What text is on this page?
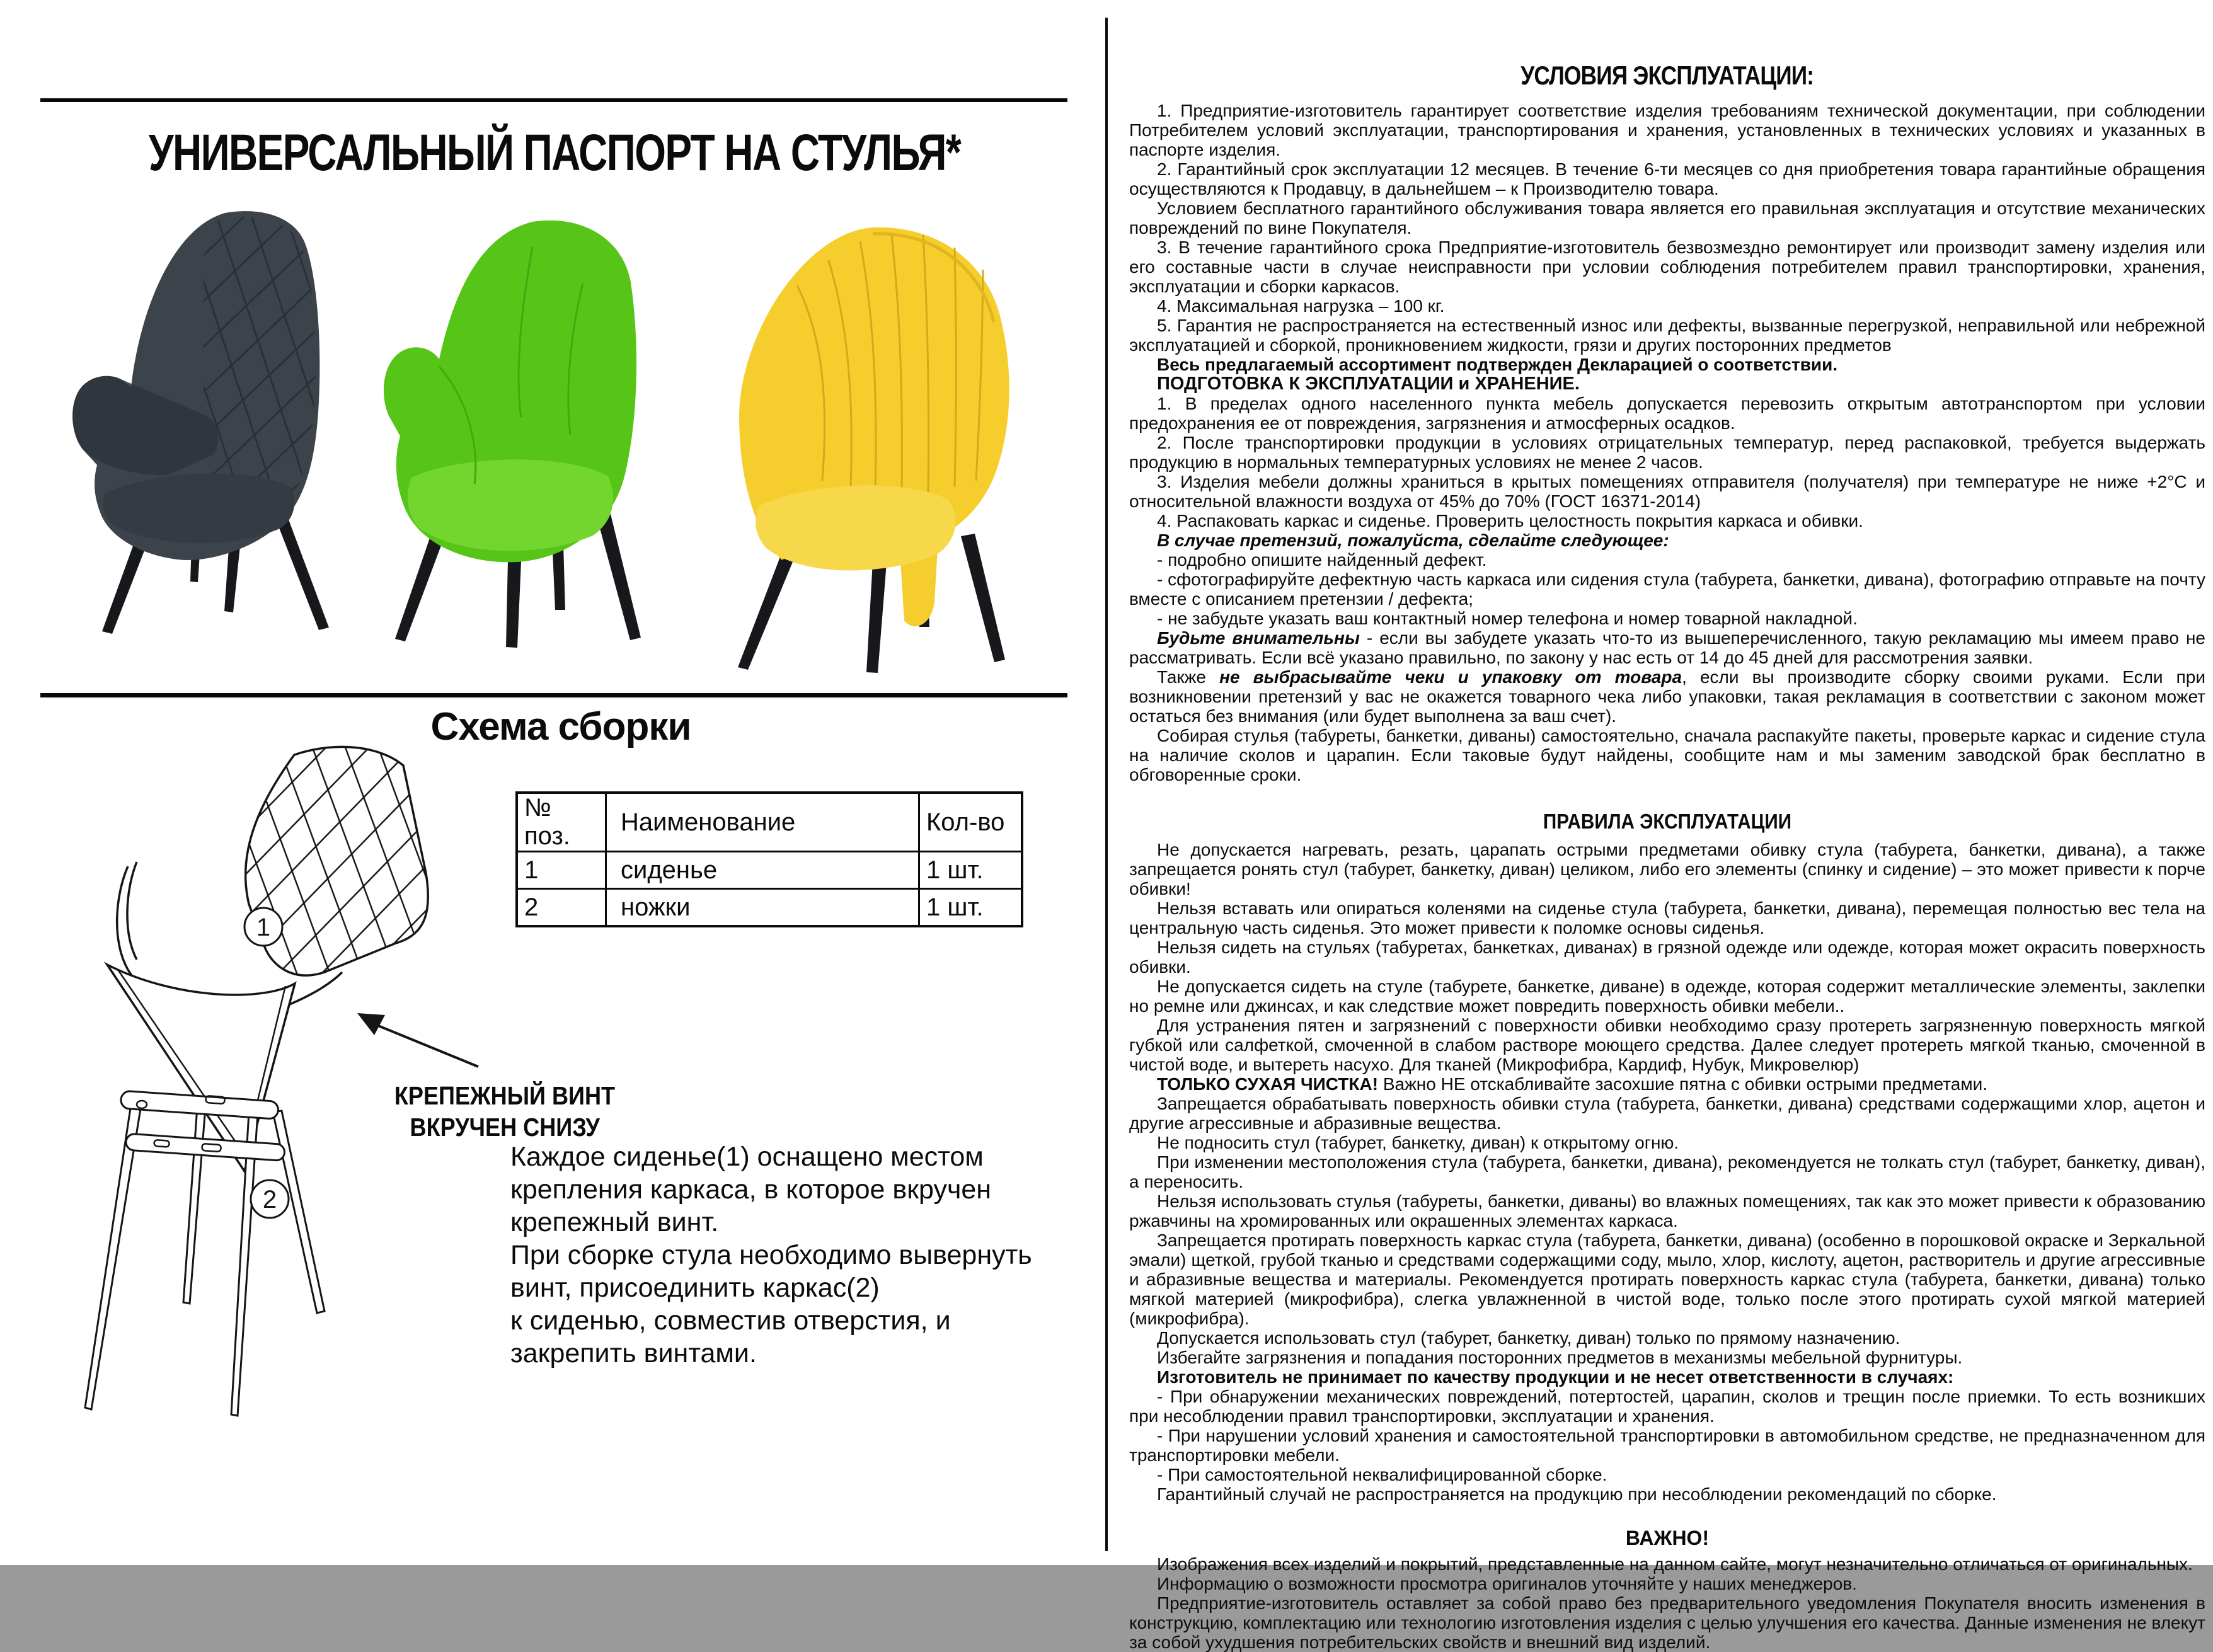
УНИВЕРСАЛЬНЫЙ ПАСПОРТ НА СТУЛЬЯ*
Схема сборки
1
2
№ поз.	Наименование	Кол-во
1	сиденье	1 шт.
2	ножки	1 шт.
КРЕПЕЖНЫЙ ВИНТ
ВКРУЧЕН СНИЗУ
Каждое сиденье(1) оснащено местом
крепления каркаса, в которое вкручен
крепежный винт.
При сборке стула необходимо вывернуть
винт, присоединить каркас(2)
к сиденью, совместив отверстия, и
закрепить винтами.
УСЛОВИЯ ЭКСПЛУАТАЦИИ:

1. Предприятие-изготовитель гарантирует соответствие изделия требованиям технической документации, при соблюдении Потребителем условий эксплуатации, транспортирования и хранения, установленных в технических условиях и указанных в паспорте изделия.

2. Гарантийный срок эксплуатации 12 месяцев. В течение 6-ти месяцев со дня приобретения товара гарантийные обращения осуществляются к Продавцу, в дальнейшем – к Производителю товара.

Условием бесплатного гарантийного обслуживания товара является его правильная эксплуатация и отсутствие механических повреждений по вине Покупателя.

3. В течение гарантийного срока Предприятие-изготовитель безвозмездно ремонтирует или производит замену изделия или его составные части в случае неисправности при условии соблюдения потребителем правил транспортировки, хранения, эксплуатации и сборки каркасов.

4. Максимальная нагрузка – 100 кг.

5. Гарантия не распространяется на естественный износ или дефекты, вызванные перегрузкой, неправильной или небрежной эксплуатацией и сборкой, проникновением жидкости, грязи и других посторонних предметов

Весь предлагаемый ассортимент подтвержден Декларацией о соответствии.

ПОДГОТОВКА К ЭКСПЛУАТАЦИИ и ХРАНЕНИЕ.

1. В пределах одного населенного пункта мебель допускается перевозить открытым автотранспортом при условии предохранения ее от повреждения, загрязнения и атмосферных осадков.

2. После транспортировки продукции в условиях отрицательных температур, перед распаковкой, требуется выдержать продукцию в нормальных температурных условиях не менее 2 часов.

3. Изделия мебели должны храниться в крытых помещениях отправителя (получателя) при температуре не ниже +2°С и относительной влажности воздуха от 45% до 70% (ГОСТ 16371-2014)

4. Распаковать каркас и сиденье. Проверить целостность покрытия каркаса и обивки.

В случае претензий, пожалуйста, сделайте следующее:

- подробно опишите найденный дефект.

- сфотографируйте дефектную часть каркаса или сидения стула (табурета, банкетки, дивана), фотографию отправьте на почту вместе с описанием претензии / дефекта;

- не забудьте указать ваш контактный номер телефона и номер товарной накладной.

Будьте внимательны - если вы забудете указать что-то из вышеперечисленного, такую рекламацию мы имеем право не рассматривать. Если всё указано правильно, по закону у нас есть от 14 до 45 дней для рассмотрения заявки.

Также не выбрасывайте чеки и упаковку от товара, если вы производите сборку своими руками. Если при возникновении претензий у вас не окажется товарного чека либо упаковки, такая рекламация в соответствии с законом может остаться без внимания (или будет выполнена за ваш счет).

Собирая стулья (табуреты, банкетки, диваны) самостоятельно, сначала распакуйте пакеты, проверьте каркас и сидение стула на наличие сколов и царапин. Если таковые будут найдены, сообщите нам и мы заменим заводской брак бесплатно в обговоренные сроки.

ПРАВИЛА ЭКСПЛУАТАЦИИ

Не допускается нагревать, резать, царапать острыми предметами обивку стула (табурета, банкетки, дивана), а также запрещается ронять стул (табурет, банкетку, диван) целиком, либо его элементы (спинку и сидение) – это может привести к порче обивки!

Нельзя вставать или опираться коленями на сиденье стула (табурета, банкетки, дивана), перемещая полностью вес тела на центральную часть сиденья. Это может привести к поломке основы сиденья.

Нельзя сидеть на стульях (табуретах, банкетках, диванах) в грязной одежде или одежде, которая может окрасить поверхность обивки.

Не допускается сидеть на стуле (табурете, банкетке, диване) в одежде, которая содержит металлические элементы, заклепки но ремне или джинсах, и как следствие может повредить поверхность обивки мебели..

Для устранения пятен и загрязнений с поверхности обивки необходимо сразу протереть загрязненную поверхность мягкой губкой или салфеткой, смоченной в слабом растворе моющего средства. Далее следует протереть мягкой тканью, смоченной в чистой воде, и вытереть насухо. Для тканей (Микрофибра, Кардиф, Нубук, Микровелюр)

ТОЛЬКО СУХАЯ ЧИСТКА! Важно НЕ отскабливайте засохшие пятна с обивки острыми предметами.

Запрещается обрабатывать поверхность обивки стула (табурета, банкетки, дивана) средствами содержащими хлор, ацетон и другие агрессивные и абразивные вещества.

Не подносить стул (табурет, банкетку, диван) к открытому огню.

При изменении местоположения стула (табурета, банкетки, дивана), рекомендуется не толкать стул (табурет, банкетку, диван), а переносить.

Нельзя использовать стулья (табуреты, банкетки, диваны) во влажных помещениях, так как это может привести к образованию ржавчины на хромированных или окрашенных элементах каркаса.

Запрещается протирать поверхность каркас стула (табурета, банкетки, дивана) (особенно в порошковой окраске и Зеркальной эмали) щеткой, грубой тканью и средствами содержащими соду, мыло, хлор, кислоту, ацетон, растворитель и другие агрессивные и абразивные вещества и материалы. Рекомендуется протирать поверхность каркас стула (табурета, банкетки, дивана) только мягкой материей (микрофибра), слегка увлажненной в чистой воде, только после этого протирать сухой мягкой материей (микрофибра).

Допускается использовать стул (табурет, банкетку, диван) только по прямому назначению.

Избегайте загрязнения и попадания посторонних предметов в механизмы мебельной фурнитуры.

Изготовитель не принимает по качеству продукции и не несет ответственности в случаях:

- При обнаружении механических повреждений, потертостей, царапин, сколов и трещин после приемки. То есть возникших при несоблюдении правил транспортировки, эксплуатации и хранения.

- При нарушении условий хранения и самостоятельной транспортировки в автомобильном средстве, не предназначенном для транспортировки мебели.

- При самостоятельной неквалифицированной сборке.

Гарантийный случай не распространяется на продукцию при несоблюдении рекомендаций по сборке.

ВАЖНО!

Изображения всех изделий и покрытий, представленные на данном сайте, могут незначительно отличаться от оригинальных.

Информацию о возможности просмотра оригиналов уточняйте у наших менеджеров.

Предприятие-изготовитель оставляет за собой право без предварительного уведомления Покупателя вносить изменения в конструкцию, комплектацию или технологию изготовления изделия с целью улучшения его качества. Данные изменения не влекут за собой ухудшения потребительских свойств и внешний вид изделий.
